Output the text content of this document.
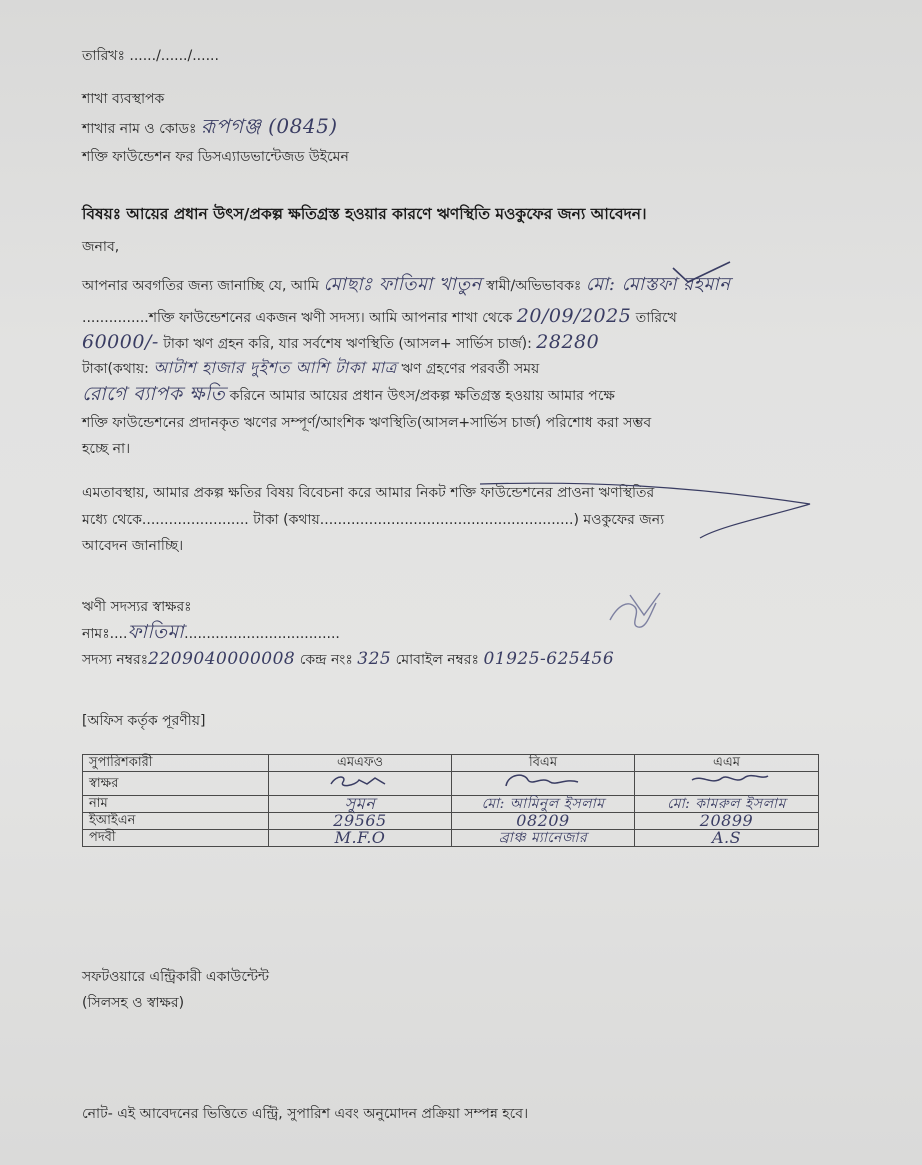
তারিখঃ ....../....../......
শাখা ব্যবস্থাপক
শাখার নাম ও কোডঃ রূপগঞ্জ (0845)
শক্তি ফাউন্ডেশন ফর ডিসএ্যাডভান্টেজড উইমেন
বিষয়ঃ আয়ের প্রধান উৎস/প্রকল্প ক্ষতিগ্রস্ত হওয়ার কারণে ঋণস্থিতি মওকুফের জন্য আবেদন।
জনাব,
আপনার অবগতির জন্য জানাচ্ছি যে, আমি মোছাঃ ফাতিমা খাতুন স্বামী/অভিভাবকঃ মো: মোস্তফা রহমান
...............শক্তি ফাউন্ডেশনের একজন ঋণী সদস্য। আমি আপনার শাখা থেকে 20/09/2025 তারিখে
60000/- টাকা ঋণ গ্রহন করি, যার সর্বশেষ ঋণস্থিতি (আসল+ সার্ভিস চার্জ): 28280
টাকা(কথায়: আটাশ হাজার দুইশত আশি টাকা মাত্র ঋণ গ্রহণের পরবর্তী সময়
রোগে ব্যাপক ক্ষতি করিনে আমার আয়ের প্রধান উৎস/প্রকল্প ক্ষতিগ্রস্ত হওয়ায় আমার পক্ষে
শক্তি ফাউন্ডেশনের প্রদানকৃত ঋণের সম্পূর্ণ/আংশিক ঋণস্থিতি(আসল+সার্ভিস চার্জ) পরিশোধ করা সম্ভব
হচ্ছে না।
এমতাবস্থায়, আমার প্রকল্প ক্ষতির বিষয় বিবেচনা করে আমার নিকট শক্তি ফাউন্ডেশনের প্রাওনা ঋণস্থিতির
মধ্যে থেকে........................ টাকা (কথায়.........................................................) মওকুফের জন্য
আবেদন জানাচ্ছি।
ঋণী সদস্যর স্বাক্ষরঃ
নামঃ....ফাতিমা...................................
সদস্য নম্বরঃ2209040000008 কেন্দ্র নংঃ 325 মোবাইল নম্বরঃ 01925-625456
[অফিস কর্তৃক পূরণীয়]
সুপারিশকারী	এমএফও	বিএম	এএম
স্বাক্ষর			
নাম	সুমন	মো: আমিনুল ইসলাম	মো: কামরুল ইসলাম
ইআইএন	29565	08209	20899
পদবী	M.F.O	ব্রাঞ্চ ম্যানেজার	A.S
সফটওয়ারে এন্ট্রিকারী একাউন্টেন্ট
(সিলসহ ও স্বাক্ষর)
নোট- এই আবেদনের ভিত্তিতে এন্ট্রি, সুপারিশ এবং অনুমোদন প্রক্রিয়া সম্পন্ন হবে।
